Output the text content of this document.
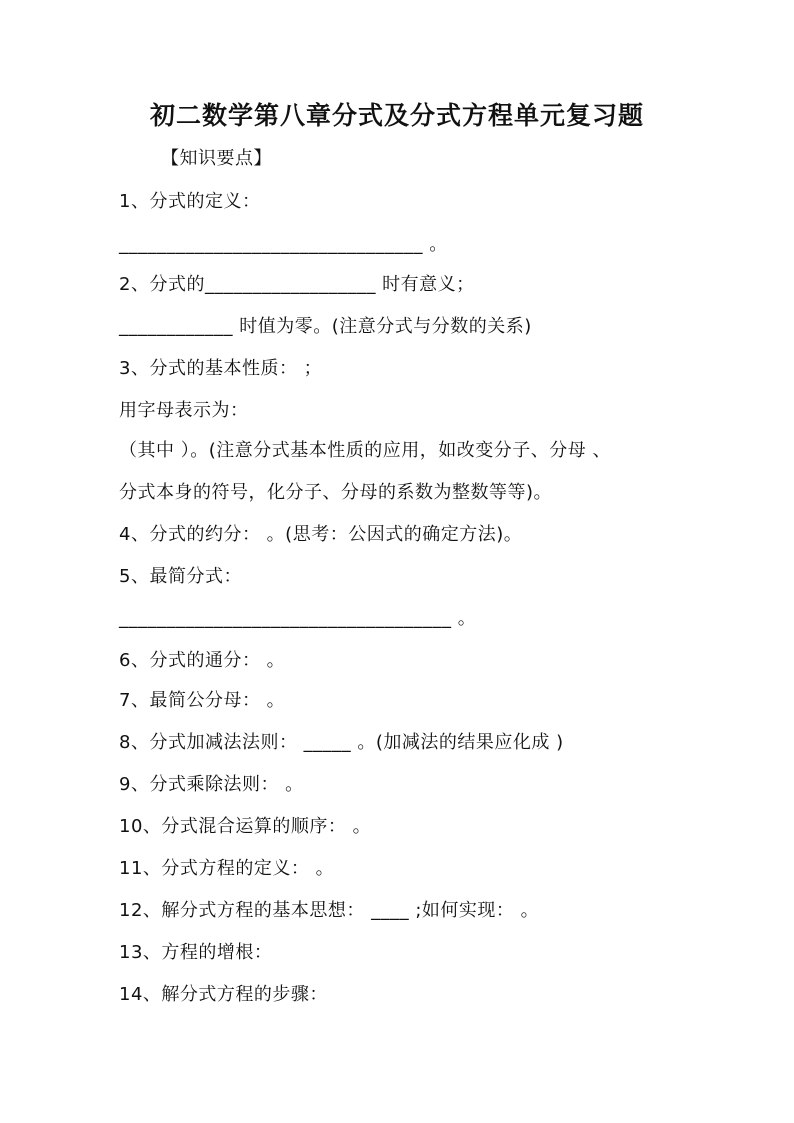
初二数学第八章分式及分式方程单元复习题
【知识要点】
1、分式的定义：
________________________________ 。
2、分式的__________________ 时有意义；
____________ 时值为零。(注意分式与分数的关系)
3、分式的基本性质： ；
用字母表示为：
（其中 ）。(注意分式基本性质的应用，如改变分子、分母 、
分式本身的符号，化分子、分母的系数为整数等等)。
4、分式的约分： 。(思考：公因式的确定方法)。
5、最简分式：
___________________________________ 。
6、分式的通分： 。
7、最简公分母： 。
8、分式加减法法则： _____ 。(加减法的结果应化成 )
9、分式乘除法则： 。
10、分式混合运算的顺序： 。
11、分式方程的定义： 。
12、解分式方程的基本思想： ____ ;如何实现： 。
13、方程的增根：
14、解分式方程的步骤：
